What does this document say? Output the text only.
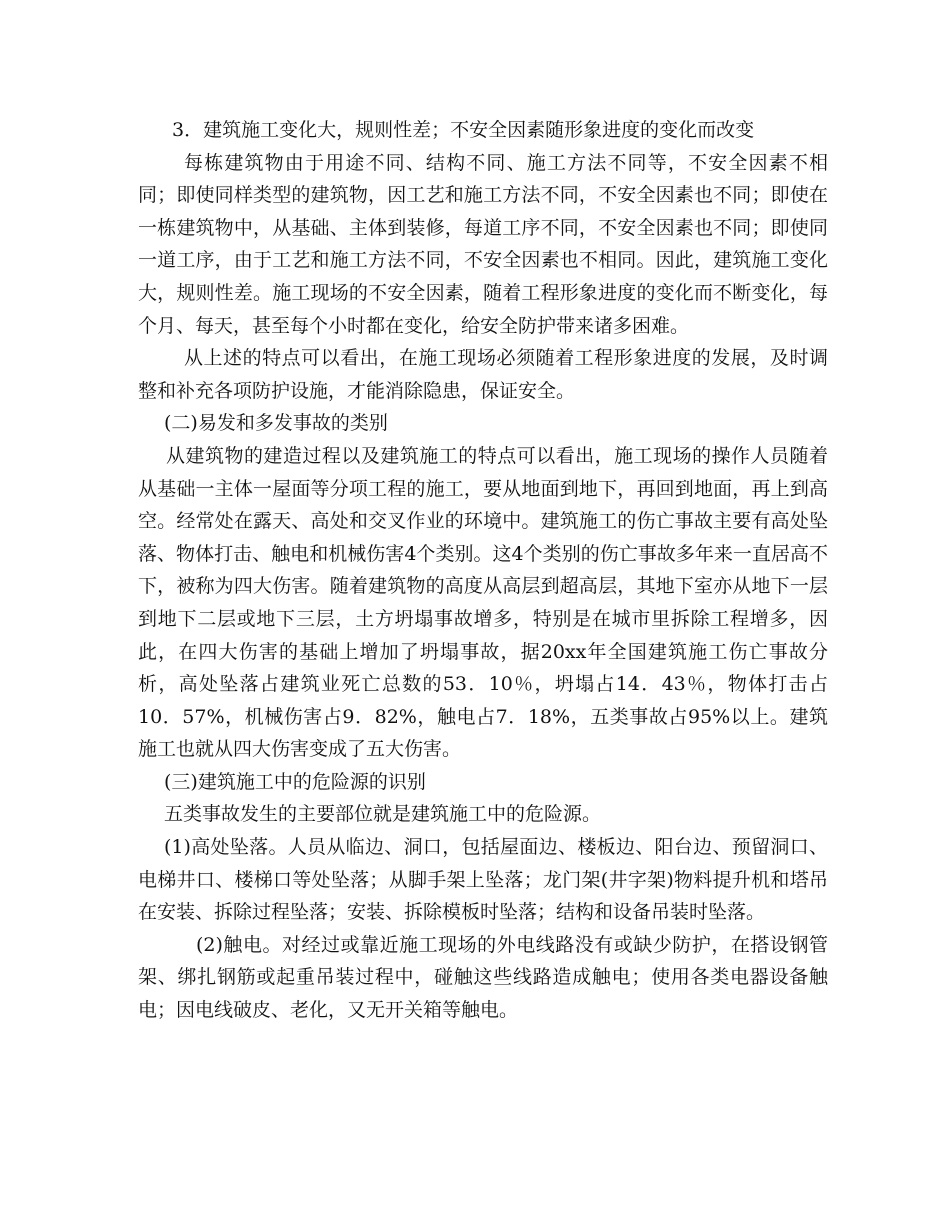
3．建筑施工变化大，规则性差；不安全因素随形象进度的变化而改变

每栋建筑物由于用途不同、结构不同、施工方法不同等，不安全因素不相同；即使同样类型的建筑物，因工艺和施工方法不同，不安全因素也不同；即使在一栋建筑物中，从基础、主体到装修，每道工序不同，不安全因素也不同；即使同一道工序，由于工艺和施工方法不同，不安全因素也不相同。因此，建筑施工变化大，规则性差。施工现场的不安全因素，随着工程形象进度的变化而不断变化，每个月、每天，甚至每个小时都在变化，给安全防护带来诸多困难。

从上述的特点可以看出，在施工现场必须随着工程形象进度的发展，及时调整和补充各项防护设施，才能消除隐患，保证安全。

(二)易发和多发事故的类别

从建筑物的建造过程以及建筑施工的特点可以看出，施工现场的操作人员随着从基础一主体一屋面等分项工程的施工，要从地面到地下，再回到地面，再上到高空。经常处在露天、高处和交叉作业的环境中。建筑施工的伤亡事故主要有高处坠落、物体打击、触电和机械伤害4个类别。这4个类别的伤亡事故多年来一直居高不下，被称为四大伤害。随着建筑物的高度从高层到超高层，其地下室亦从地下一层到地下二层或地下三层，土方坍塌事故增多，特别是在城市里拆除工程增多，因此，在四大伤害的基础上增加了坍塌事故，据20xx年全国建筑施工伤亡事故分析，高处坠落占建筑业死亡总数的53．10％，坍塌占14．43％，物体打击占10．57%，机械伤害占9．82%，触电占7．18%，五类事故占95%以上。建筑施工也就从四大伤害变成了五大伤害。

(三)建筑施工中的危险源的识别

五类事故发生的主要部位就是建筑施工中的危险源。

(1)高处坠落。人员从临边、洞口，包括屋面边、楼板边、阳台边、预留洞口、电梯井口、楼梯口等处坠落；从脚手架上坠落；龙门架(井字架)物料提升机和塔吊在安装、拆除过程坠落；安装、拆除模板时坠落；结构和设备吊装时坠落。

(2)触电。对经过或靠近施工现场的外电线路没有或缺少防护，在搭设钢管架、绑扎钢筋或起重吊装过程中，碰触这些线路造成触电；使用各类电器设备触电；因电线破皮、老化，又无开关箱等触电。
